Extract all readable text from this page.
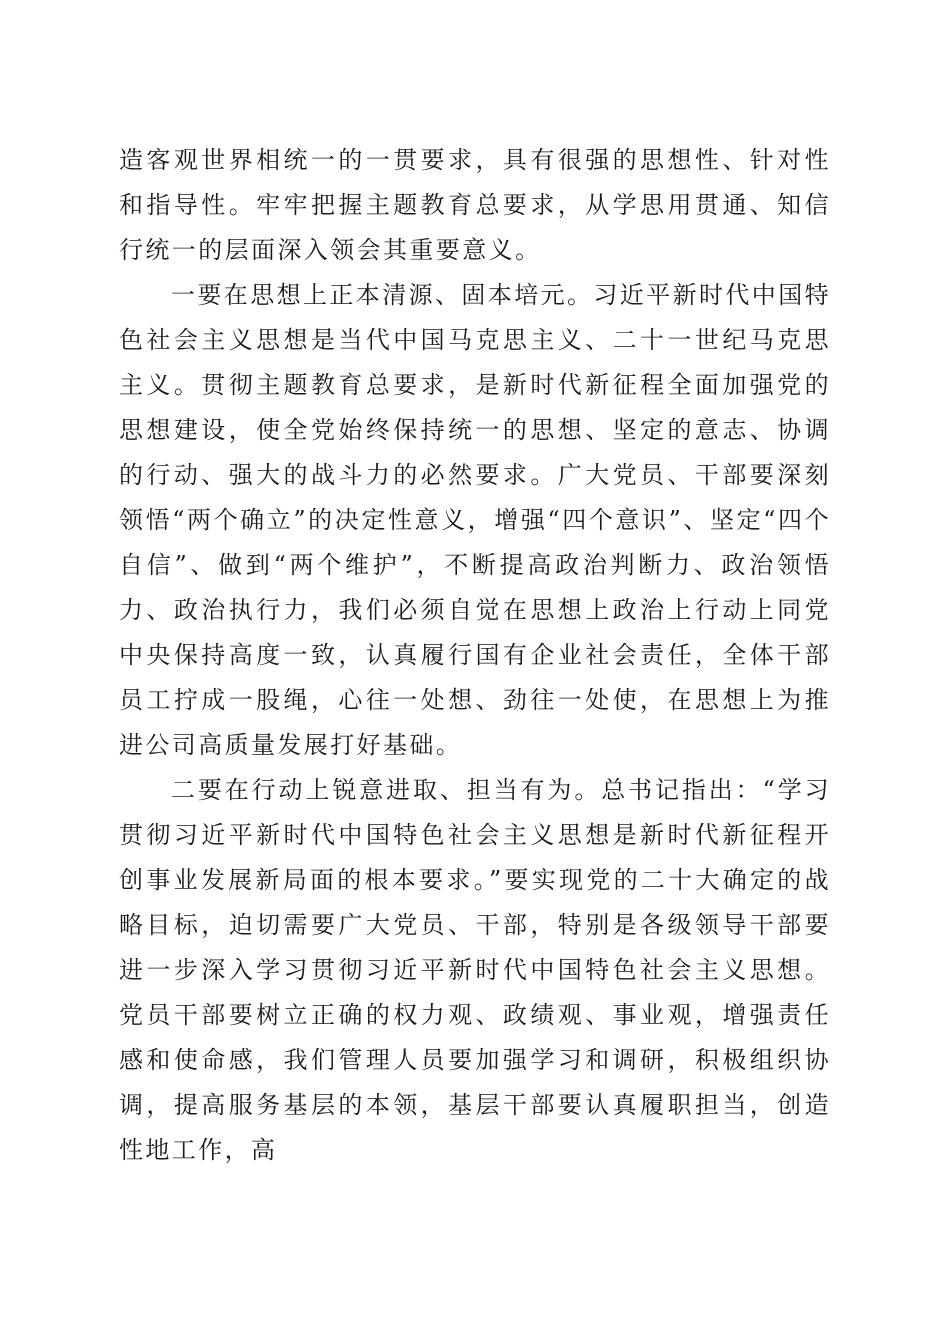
造客观世界相统一的一贯要求，具有很强的思想性、针对性和指导性。牢牢把握主题教育总要求，从学思用贯通、知信行统一的层面深入领会其重要意义。

一要在思想上正本清源、固本培元。习近平新时代中国特色社会主义思想是当代中国马克思主义、二十一世纪马克思主义。贯彻主题教育总要求，是新时代新征程全面加强党的思想建设，使全党始终保持统一的思想、坚定的意志、协调的行动、强大的战斗力的必然要求。广大党员、干部要深刻领悟“两个确立”的决定性意义，增强“四个意识”、坚定“四个自信”、做到“两个维护”，不断提高政治判断力、政治领悟力、政治执行力，我们必须自觉在思想上政治上行动上同党中央保持高度一致，认真履行国有企业社会责任，全体干部员工拧成一股绳，心往一处想、劲往一处使，在思想上为推进公司高质量发展打好基础。

二要在行动上锐意进取、担当有为。总书记指出：“学习贯彻习近平新时代中国特色社会主义思想是新时代新征程开创事业发展新局面的根本要求。”要实现党的二十大确定的战略目标，迫切需要广大党员、干部，特别是各级领导干部要进一步深入学习贯彻习近平新时代中国特色社会主义思想。党员干部要树立正确的权力观、政绩观、事业观，增强责任感和使命感，我们管理人员要加强学习和调研，积极组织协调，提高服务基层的本领，基层干部要认真履职担当，创造性地工作，高
